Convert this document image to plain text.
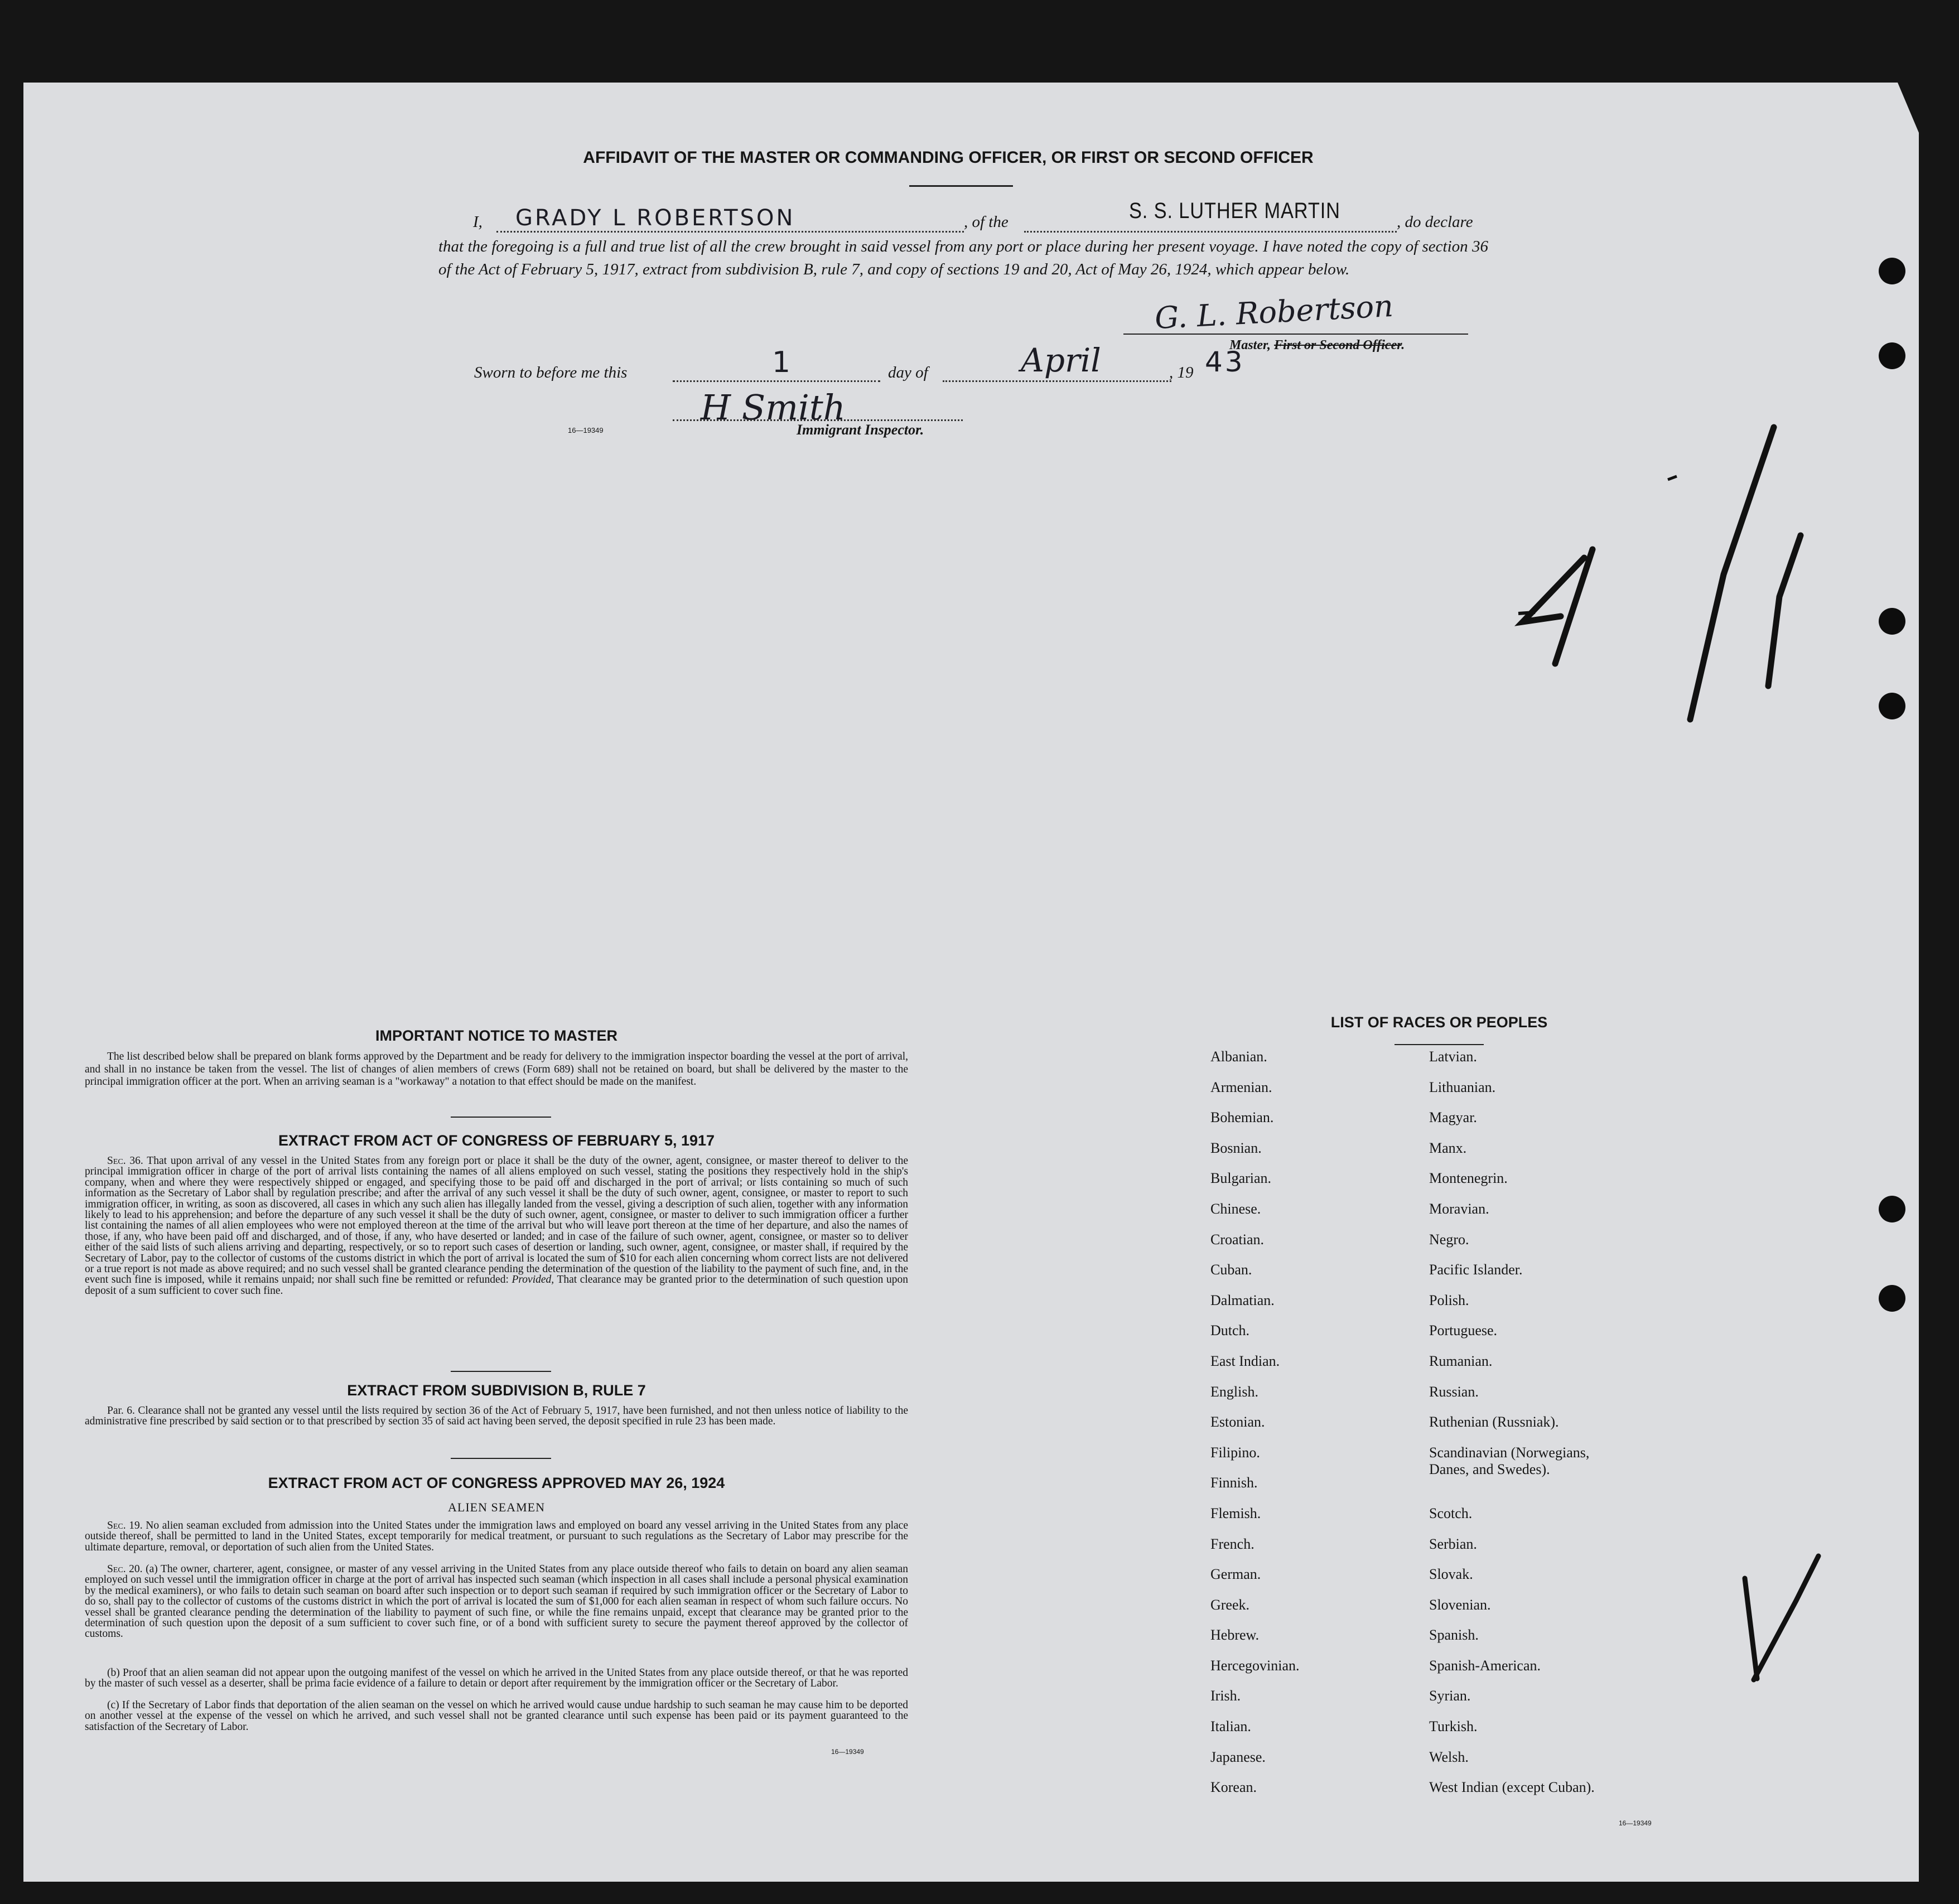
AFFIDAVIT OF THE MASTER OR COMMANDING OFFICER, OR FIRST OR SECOND OFFICER
I, GRADY L ROBERTSON	, of the	S. S. LUTHER MARTIN	, do declare
that the foregoing is a full and true list of all the crew brought in said vessel from any port or place during her present voyage. I have noted the copy of section 36 of the Act of February 5, 1917, extract from subdivision B, rule 7, and copy of sections 19 and 20, Act of May 26, 1924, which appear below.
G. L. Robertson
Master, First or Second Officer.
Sworn to before me this	1	day of	April	, 19 43
H Smith
16—19349	Immigrant Inspector.
IMPORTANT NOTICE TO MASTER
The list described below shall be prepared on blank forms approved by the Department and be ready for delivery to the immigration inspector boarding the vessel at the port of arrival, and shall in no instance be taken from the vessel. The list of changes of alien members of crews (Form 689) shall not be retained on board, but shall be delivered by the master to the principal immigration officer at the port. When an arriving seaman is a "workaway" a notation to that effect should be made on the manifest.
EXTRACT FROM ACT OF CONGRESS OF FEBRUARY 5, 1917
Sec. 36. That upon arrival of any vessel in the United States from any foreign port or place it shall be the duty of the owner, agent, consignee, or master thereof to deliver to the principal immigration officer in charge of the port of arrival lists containing the names of all aliens employed on such vessel, stating the positions they respectively hold in the ship's company, when and where they were respectively shipped or engaged, and specifying those to be paid off and discharged in the port of arrival; or lists containing so much of such information as the Secretary of Labor shall by regulation prescribe; and after the arrival of any such vessel it shall be the duty of such owner, agent, consignee, or master to report to such immigration officer, in writing, as soon as discovered, all cases in which any such alien has illegally landed from the vessel, giving a description of such alien, together with any information likely to lead to his apprehension; and before the departure of any such vessel it shall be the duty of such owner, agent, consignee, or master to deliver to such immigration officer a further list containing the names of all alien employees who were not employed thereon at the time of the arrival but who will leave port thereon at the time of her departure, and also the names of those, if any, who have been paid off and discharged, and of those, if any, who have deserted or landed; and in case of the failure of such owner, agent, consignee, or master so to deliver either of the said lists of such aliens arriving and departing, respectively, or so to report such cases of desertion or landing, such owner, agent, consignee, or master shall, if required by the Secretary of Labor, pay to the collector of customs of the customs district in which the port of arrival is located the sum of $10 for each alien concerning whom correct lists are not delivered or a true report is not made as above required; and no such vessel shall be granted clearance pending the determination of the question of the liability to the payment of such fine, and, in the event such fine is imposed, while it remains unpaid; nor shall such fine be remitted or refunded: Provided, That clearance may be granted prior to the determination of such question upon deposit of a sum sufficient to cover such fine.
EXTRACT FROM SUBDIVISION B, RULE 7
Par. 6. Clearance shall not be granted any vessel until the lists required by section 36 of the Act of February 5, 1917, have been furnished, and not then unless notice of liability to the administrative fine prescribed by said section or to that prescribed by section 35 of said act having been served, the deposit specified in rule 23 has been made.
EXTRACT FROM ACT OF CONGRESS APPROVED MAY 26, 1924
ALIEN SEAMEN
Sec. 19. No alien seaman excluded from admission into the United States under the immigration laws and employed on board any vessel arriving in the United States from any place outside thereof, shall be permitted to land in the United States, except temporarily for medical treatment, or pursuant to such regulations as the Secretary of Labor may prescribe for the ultimate departure, removal, or deportation of such alien from the United States.
Sec. 20. (a) The owner, charterer, agent, consignee, or master of any vessel arriving in the United States from any place outside thereof who fails to detain on board any alien seaman employed on such vessel until the immigration officer in charge at the port of arrival has inspected such seaman (which inspection in all cases shall include a personal physical examination by the medical examiners), or who fails to detain such seaman on board after such inspection or to deport such seaman if required by such immigration officer or the Secretary of Labor to do so, shall pay to the collector of customs of the customs district in which the port of arrival is located the sum of $1,000 for each alien seaman in respect of whom such failure occurs. No vessel shall be granted clearance pending the determination of the liability to payment of such fine, or while the fine remains unpaid, except that clearance may be granted prior to the determination of such question upon the deposit of a sum sufficient to cover such fine, or of a bond with sufficient surety to secure the payment thereof approved by the collector of customs.
(b) Proof that an alien seaman did not appear upon the outgoing manifest of the vessel on which he arrived in the United States from any place outside thereof, or that he was reported by the master of such vessel as a deserter, shall be prima facie evidence of a failure to detain or deport after requirement by the immigration officer or the Secretary of Labor.
(c) If the Secretary of Labor finds that deportation of the alien seaman on the vessel on which he arrived would cause undue hardship to such seaman he may cause him to be deported on another vessel at the expense of the vessel on which he arrived, and such vessel shall not be granted clearance until such expense has been paid or its payment guaranteed to the satisfaction of the Secretary of Labor.
16—19349
LIST OF RACES OR PEOPLES
Albanian.	Latvian.
Armenian.	Lithuanian.
Bohemian.	Magyar.
Bosnian.	Manx.
Bulgarian.	Montenegrin.
Chinese.	Moravian.
Croatian.	Negro.
Cuban.	Pacific Islander.
Dalmatian.	Polish.
Dutch.	Portuguese.
East Indian.	Rumanian.
English.	Russian.
Estonian.	Ruthenian (Russniak).
Filipino.	Scandinavian (Norwegians,
Danes, and Swedes).
Finnish.
Flemish.	Scotch.
French.	Serbian.
German.	Slovak.
Greek.	Slovenian.
Hebrew.	Spanish.
Hercegovinian.	Spanish-American.
Irish.	Syrian.
Italian.	Turkish.
Japanese.	Welsh.
Korean.	West Indian (except Cuban).
16—19349
